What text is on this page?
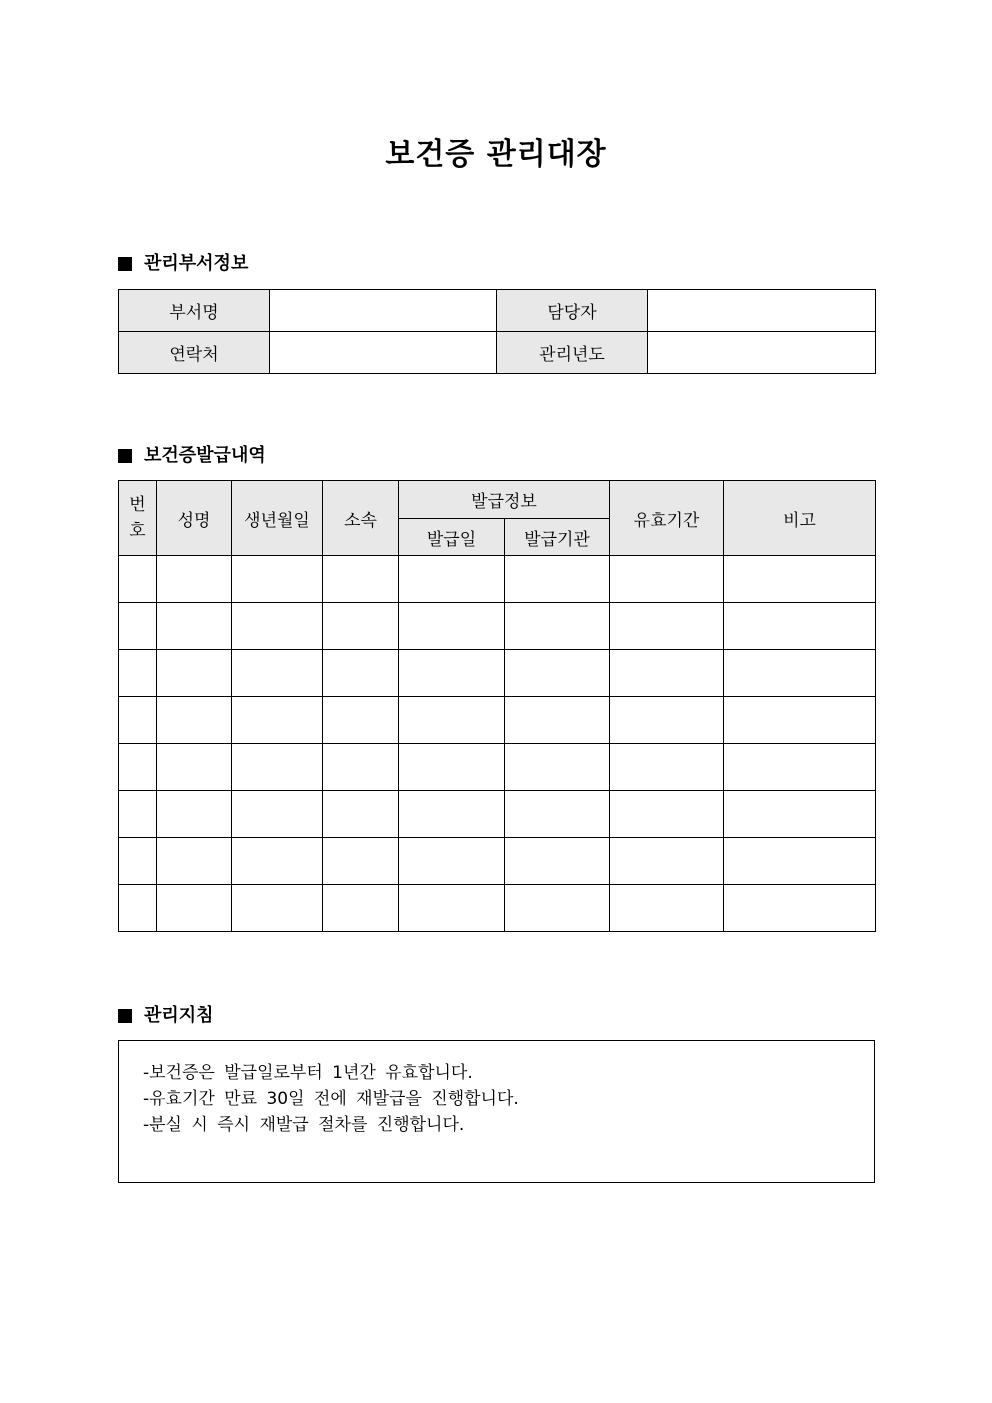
보건증 관리대장
관리부서정보
부서명		담당자	
연락처		관리년도	
보건증발급내역
번
호	성명	생년월일	소속	발급정보		유효기간	비고
				발급일	발급기관		

관리지침
-보건증은 발급일로부터 1년간 유효합니다.
-유효기간 만료 30일 전에 재발급을 진행합니다.
-분실 시 즉시 재발급 절차를 진행합니다.
